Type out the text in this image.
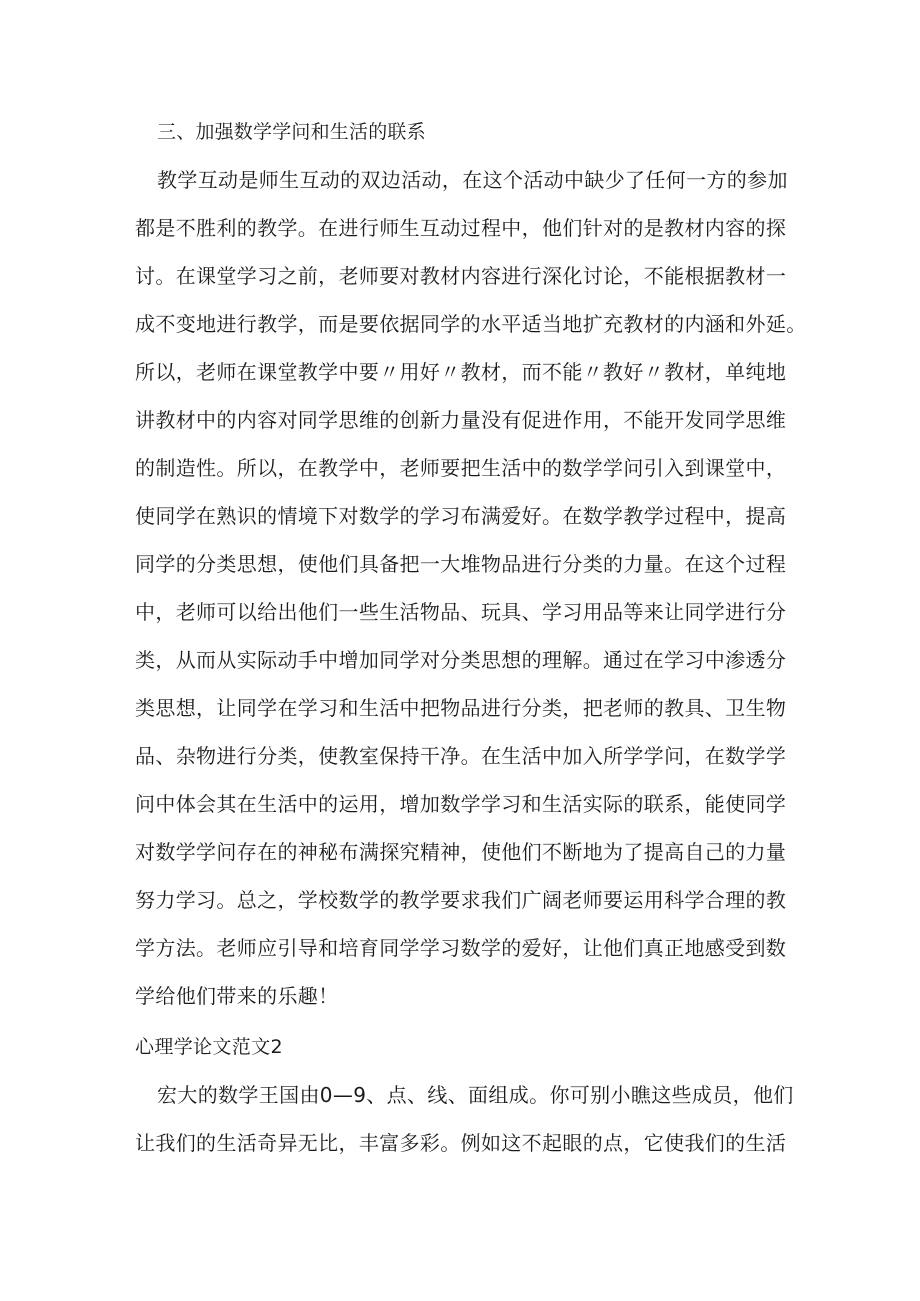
三、加强数学学问和生活的联系
教学互动是师生互动的双边活动，在这个活动中缺少了任何一方的参加
都是不胜利的教学。在进行师生互动过程中，他们针对的是教材内容的探
讨。在课堂学习之前，老师要对教材内容进行深化讨论，不能根据教材一
成不变地进行教学，而是要依据同学的水平适当地扩充教材的内涵和外延。
所以，老师在课堂教学中要〃用好〃教材，而不能〃教好〃教材，单纯地
讲教材中的内容对同学思维的创新力量没有促进作用，不能开发同学思维
的制造性。所以，在教学中，老师要把生活中的数学学问引入到课堂中，
使同学在熟识的情境下对数学的学习布满爱好。在数学教学过程中，提高
同学的分类思想，使他们具备把一大堆物品进行分类的力量。在这个过程
中，老师可以给出他们一些生活物品、玩具、学习用品等来让同学进行分
类，从而从实际动手中增加同学对分类思想的理解。通过在学习中渗透分
类思想，让同学在学习和生活中把物品进行分类，把老师的教具、卫生物
品、杂物进行分类，使教室保持干净。在生活中加入所学学问，在数学学
问中体会其在生活中的运用，增加数学学习和生活实际的联系，能使同学
对数学学问存在的神秘布满探究精神，使他们不断地为了提高自己的力量
努力学习。总之，学校数学的教学要求我们广阔老师要运用科学合理的教
学方法。老师应引导和培育同学学习数学的爱好，让他们真正地感受到数
学给他们带来的乐趣！
心理学论文范文2
宏大的数学王国由0—9、点、线、面组成。你可别小瞧这些成员，他们
让我们的生活奇异无比，丰富多彩。例如这不起眼的点，它使我们的生活
